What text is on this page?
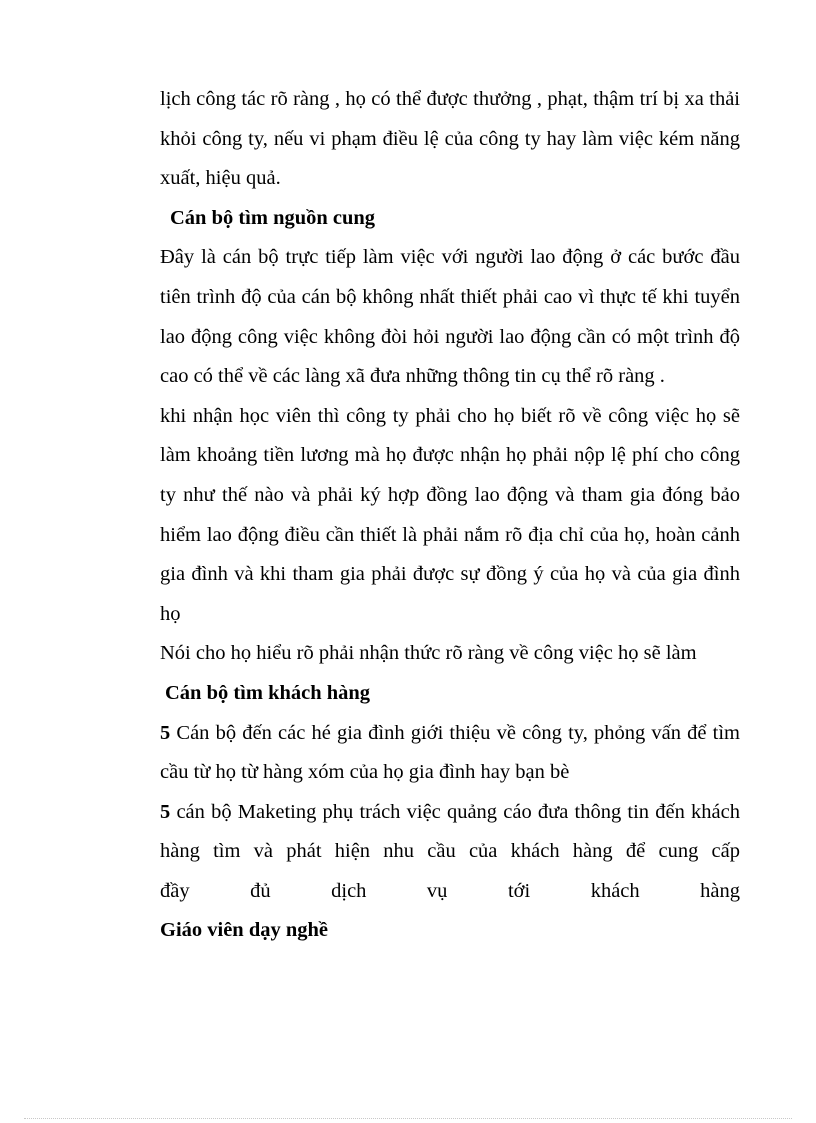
lịch công tác rõ ràng , họ có thể được thưởng , phạt, thậm trí bị xa thải khỏi công ty, nếu vi phạm điều lệ của công ty hay làm việc kém năng xuất, hiệu quả.

Cán bộ tìm nguồn cung

Đây là cán bộ trực tiếp làm việc với người lao động ở các bước đầu tiên trình độ của cán bộ không nhất thiết phải cao vì thực tế khi tuyển lao động công việc không đòi hỏi người lao động cần có một trình độ cao có thể về các làng xã đưa những thông tin cụ thể rõ ràng .

khi nhận học viên thì công ty phải cho họ biết rõ về công việc họ sẽ làm khoảng tiền lương mà họ được nhận họ phải nộp lệ phí cho công ty như thế nào và phải ký hợp đồng lao động và tham gia đóng bảo hiểm lao động điều cần thiết là phải nắm rõ địa chỉ của họ, hoàn cảnh gia đình và khi tham gia phải được sự đồng ý của họ và của gia đình họ

Nói cho họ hiểu rõ phải nhận thức rõ ràng về công việc họ sẽ làm

Cán bộ tìm khách hàng

5 Cán bộ đến các hé gia đình giới thiệu về công ty, phỏng vấn để tìm cầu từ họ từ hàng xóm của họ gia đình hay bạn bè

5 cán bộ Maketing phụ trách việc quảng cáo đưa thông tin đến khách hàng tìm và phát hiện nhu cầu của khách hàng để cung cấp

đầy đủ dịch vụ tới khách hàng

Giáo viên dạy nghề
